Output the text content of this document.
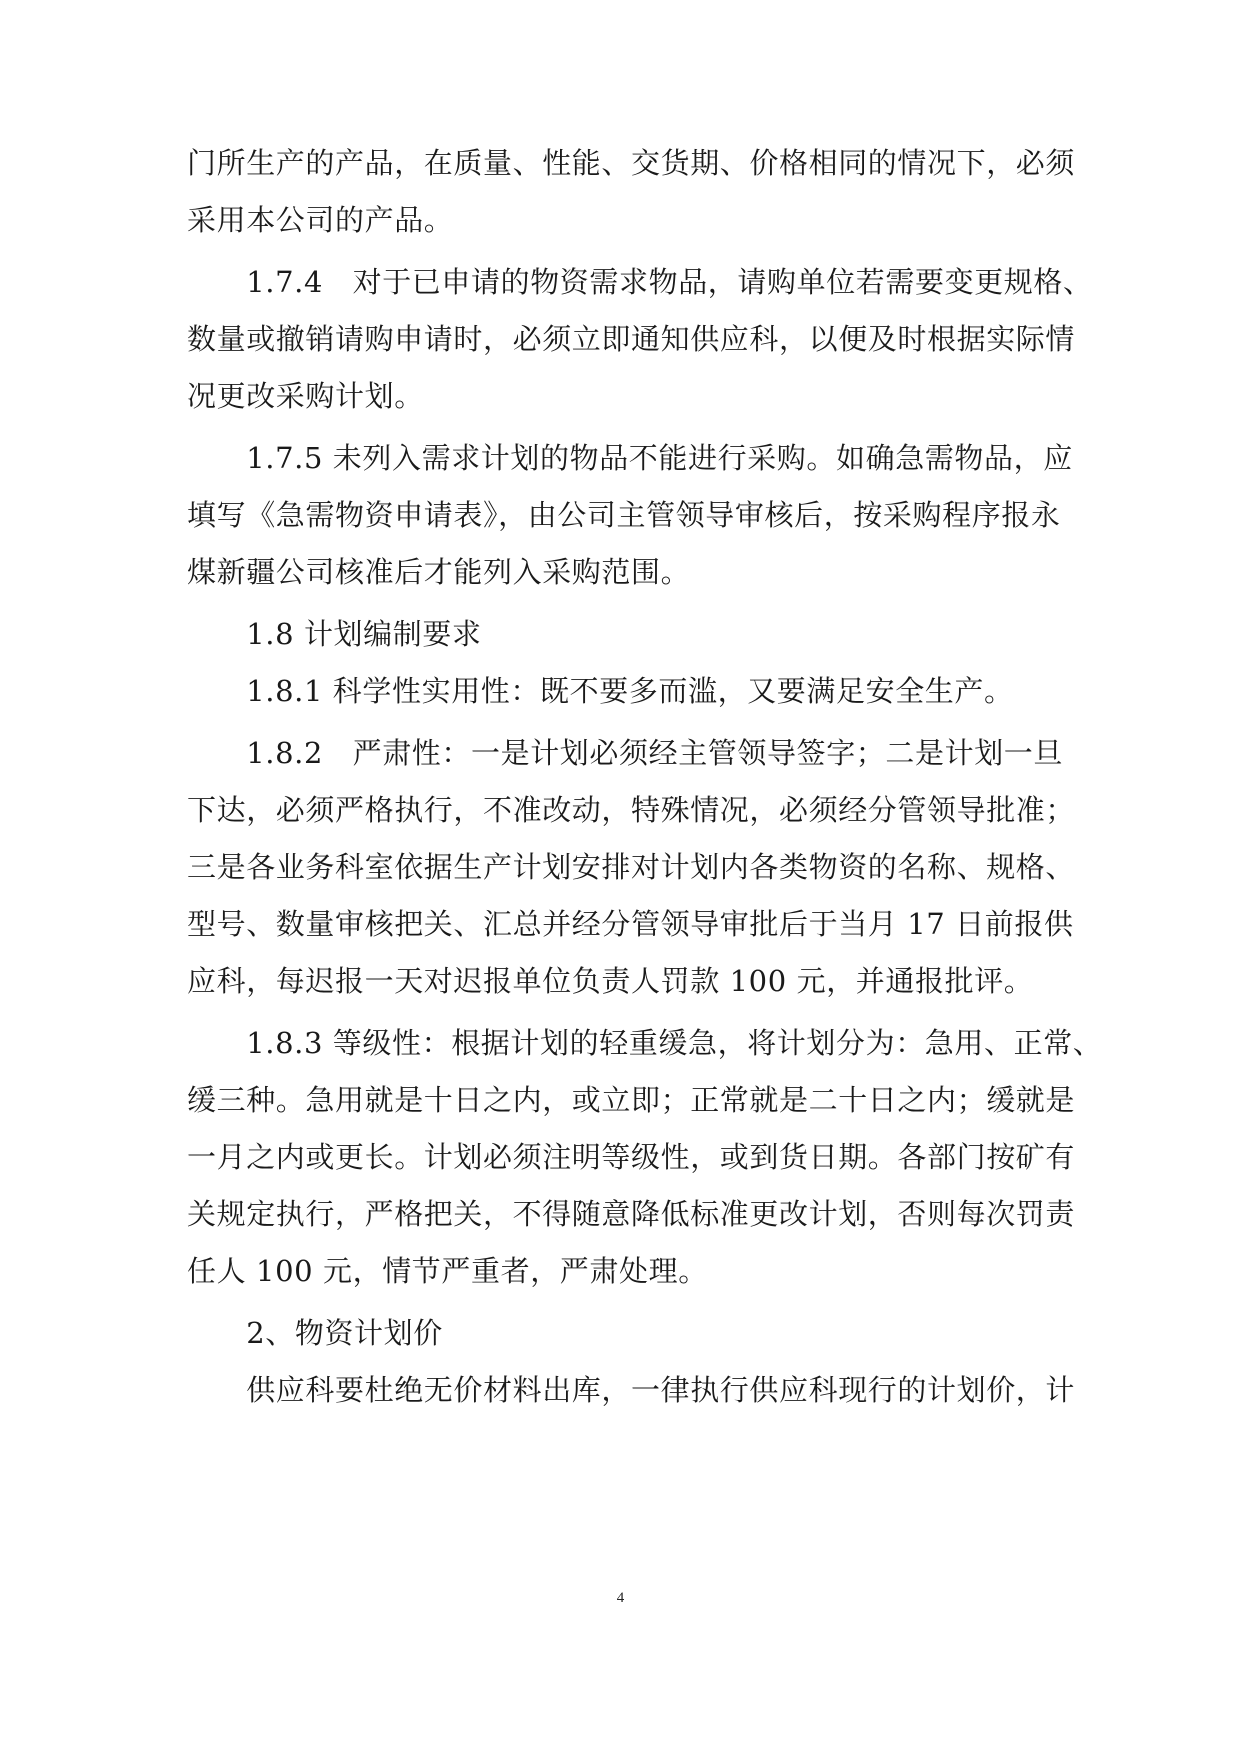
门所生产的产品，在质量、性能、交货期、价格相同的情况下，必须
采用本公司的产品。
　　1.7.4　对于已申请的物资需求物品，请购单位若需要变更规格、
数量或撤销请购申请时，必须立即通知供应科，以便及时根据实际情
况更改采购计划。
　　1.7.5 未列入需求计划的物品不能进行采购。如确急需物品，应
填写《急需物资申请表》，由公司主管领导审核后，按采购程序报永
煤新疆公司核准后才能列入采购范围。
　　1.8 计划编制要求
　　1.8.1 科学性实用性：既不要多而滥，又要满足安全生产。
　　1.8.2　严肃性：一是计划必须经主管领导签字；二是计划一旦
下达，必须严格执行，不准改动，特殊情况，必须经分管领导批准；
三是各业务科室依据生产计划安排对计划内各类物资的名称、规格、
型号、数量审核把关、汇总并经分管领导审批后于当月 17 日前报供
应科，每迟报一天对迟报单位负责人罚款 100 元，并通报批评。
　　1.8.3 等级性：根据计划的轻重缓急，将计划分为：急用、正常、
缓三种。急用就是十日之内，或立即；正常就是二十日之内；缓就是
一月之内或更长。计划必须注明等级性，或到货日期。各部门按矿有
关规定执行，严格把关，不得随意降低标准更改计划，否则每次罚责
任人 100 元，情节严重者，严肃处理。
　　2、物资计划价
　　供应科要杜绝无价材料出库，一律执行供应科现行的计划价，计
4
